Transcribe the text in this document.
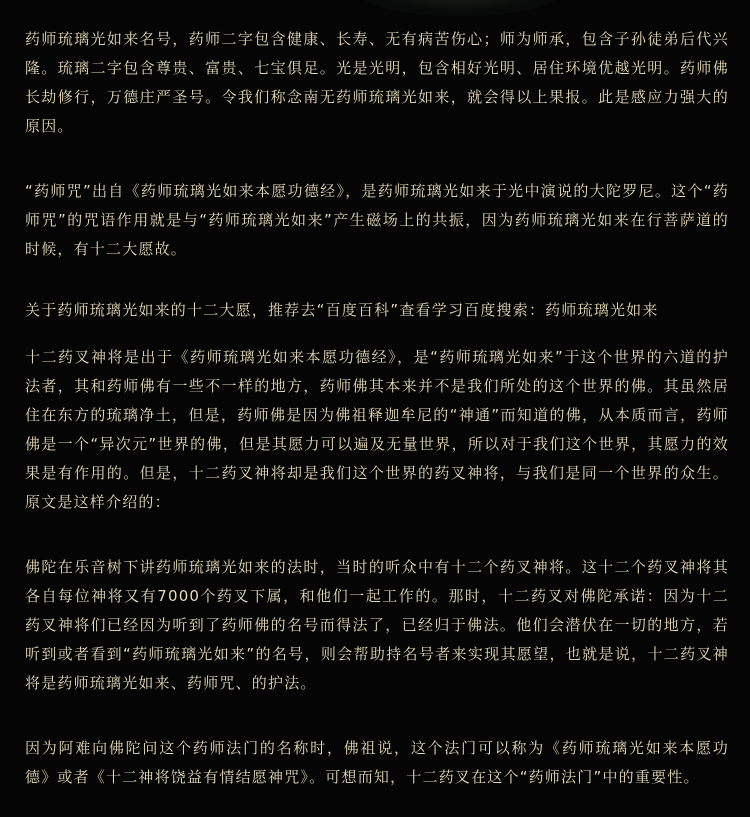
药师琉璃光如来名号，药师二字包含健康、长寿、无有病苦伤心；师为师承，包含子孙徒弟后代兴隆。琉璃二字包含尊贵、富贵、七宝俱足。光是光明，包含相好光明、居住环境优越光明。药师佛长劫修行，万德庄严圣号。令我们称念南无药师琉璃光如来，就会得以上果报。此是感应力强大的原因。

“药师咒”出自《药师琉璃光如来本愿功德经》，是药师琉璃光如来于光中演说的大陀罗尼。这个“药师咒”的咒语作用就是与“药师琉璃光如来”产生磁场上的共振，因为药师琉璃光如来在行菩萨道的时候，有十二大愿故。

关于药师琉璃光如来的十二大愿，推荐去“百度百科”查看学习百度搜索：药师琉璃光如来

十二药叉神将是出于《药师琉璃光如来本愿功德经》，是“药师琉璃光如来”于这个世界的六道的护法者，其和药师佛有一些不一样的地方，药师佛其本来并不是我们所处的这个世界的佛。其虽然居住在东方的琉璃净土，但是，药师佛是因为佛祖释迦牟尼的“神通”而知道的佛，从本质而言，药师佛是一个“异次元”世界的佛，但是其愿力可以遍及无量世界，所以对于我们这个世界，其愿力的效果是有作用的。但是，十二药叉神将却是我们这个世界的药叉神将，与我们是同一个世界的众生。原文是这样介绍的：

佛陀在乐音树下讲药师琉璃光如来的法时，当时的听众中有十二个药叉神将。这十二个药叉神将其各自每位神将又有7000个药叉下属，和他们一起工作的。那时，十二药叉对佛陀承诺：因为十二药叉神将们已经因为听到了药师佛的名号而得法了，已经归于佛法。他们会潜伏在一切的地方，若听到或者看到“药师琉璃光如来”的名号，则会帮助持名号者来实现其愿望，也就是说，十二药叉神将是药师琉璃光如来、药师咒、的护法。

因为阿难向佛陀问这个药师法门的名称时，佛祖说，这个法门可以称为《药师琉璃光如来本愿功德》或者《十二神将饶益有情结愿神咒》。可想而知，十二药叉在这个“药师法门”中的重要性。
